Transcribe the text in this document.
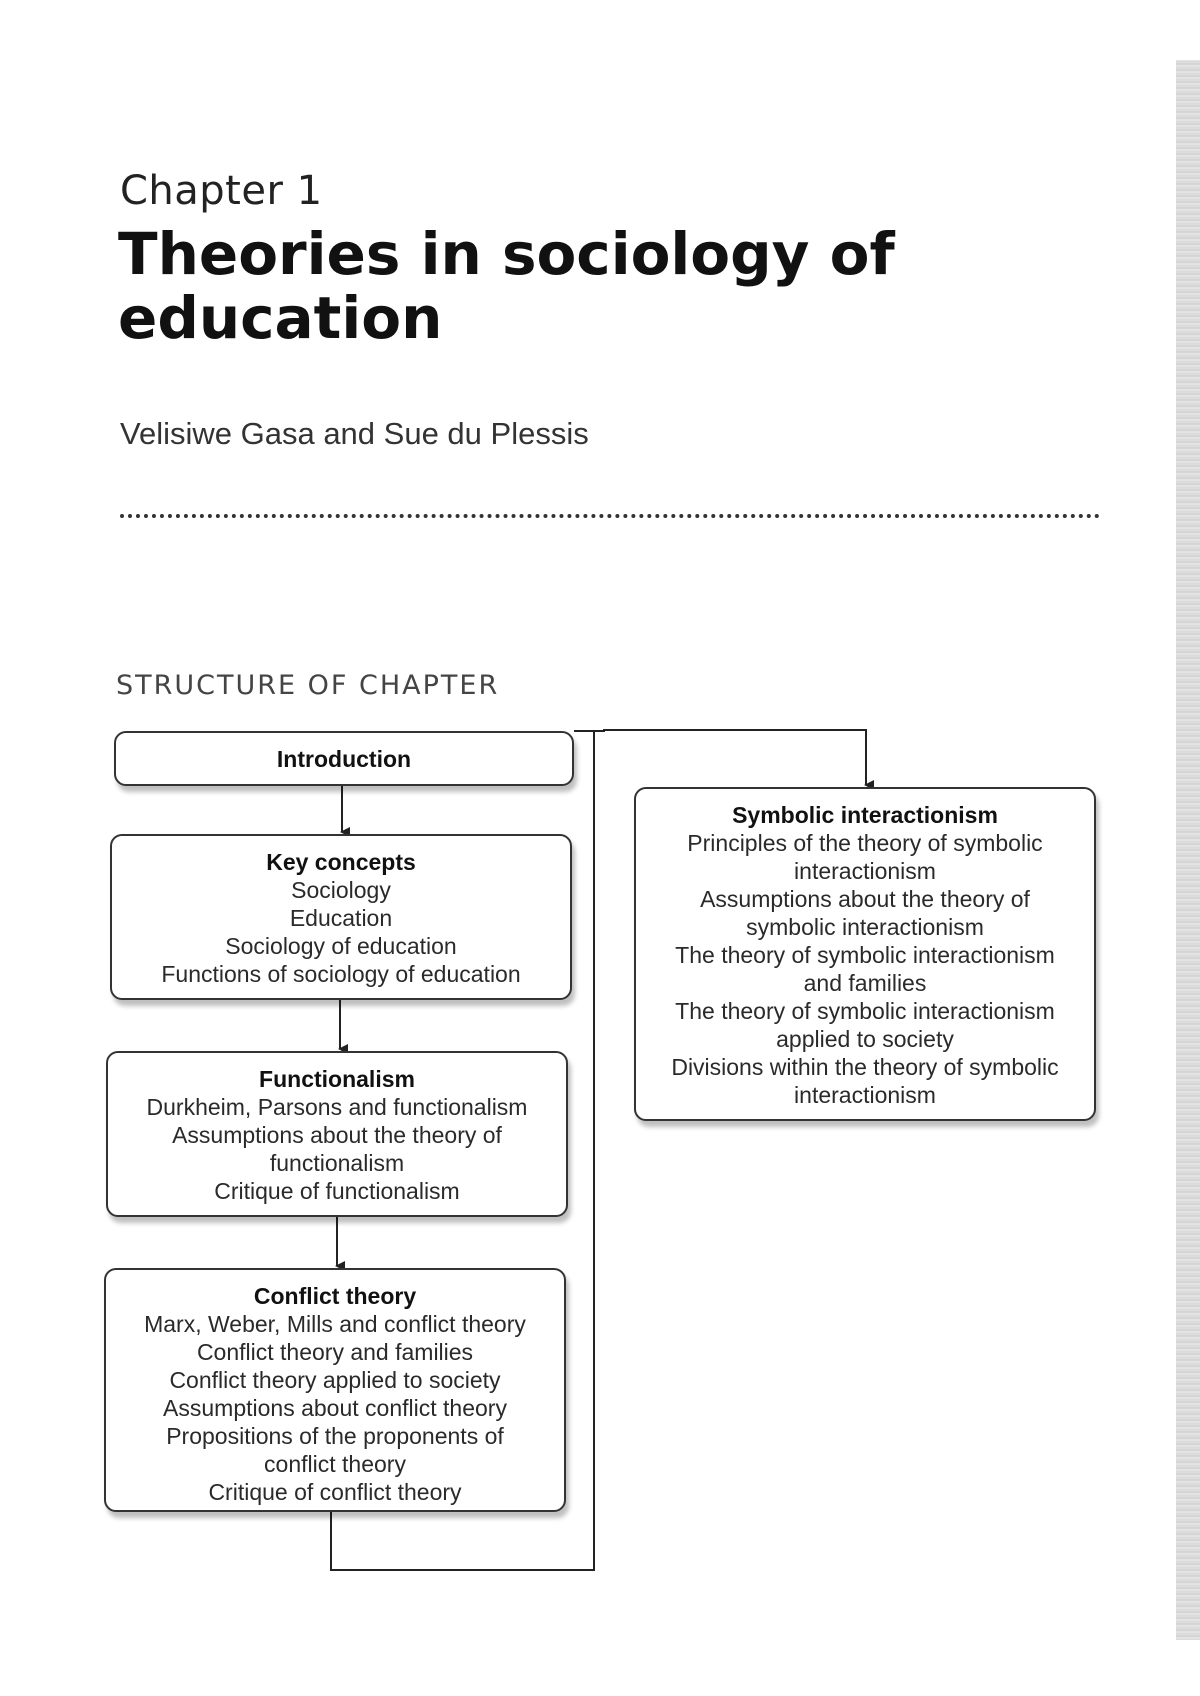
Chapter 1
Theories in sociology of education
Velisiwe Gasa and Sue du Plessis
STRUCTURE OF CHAPTER
Introduction
Key concepts
Sociology
Education
Sociology of education
Functions of sociology of education
Functionalism
Durkheim, Parsons and functionalism
Assumptions about the theory of
functionalism
Critique of functionalism
Conflict theory
Marx, Weber, Mills and conflict theory
Conflict theory and families
Conflict theory applied to society
Assumptions about conflict theory
Propositions of the proponents of
conflict theory
Critique of conflict theory
Symbolic interactionism
Principles of the theory of symbolic
interactionism
Assumptions about the theory of
symbolic interactionism
The theory of symbolic interactionism
and families
The theory of symbolic interactionism
applied to society
Divisions within the theory of symbolic
interactionism
